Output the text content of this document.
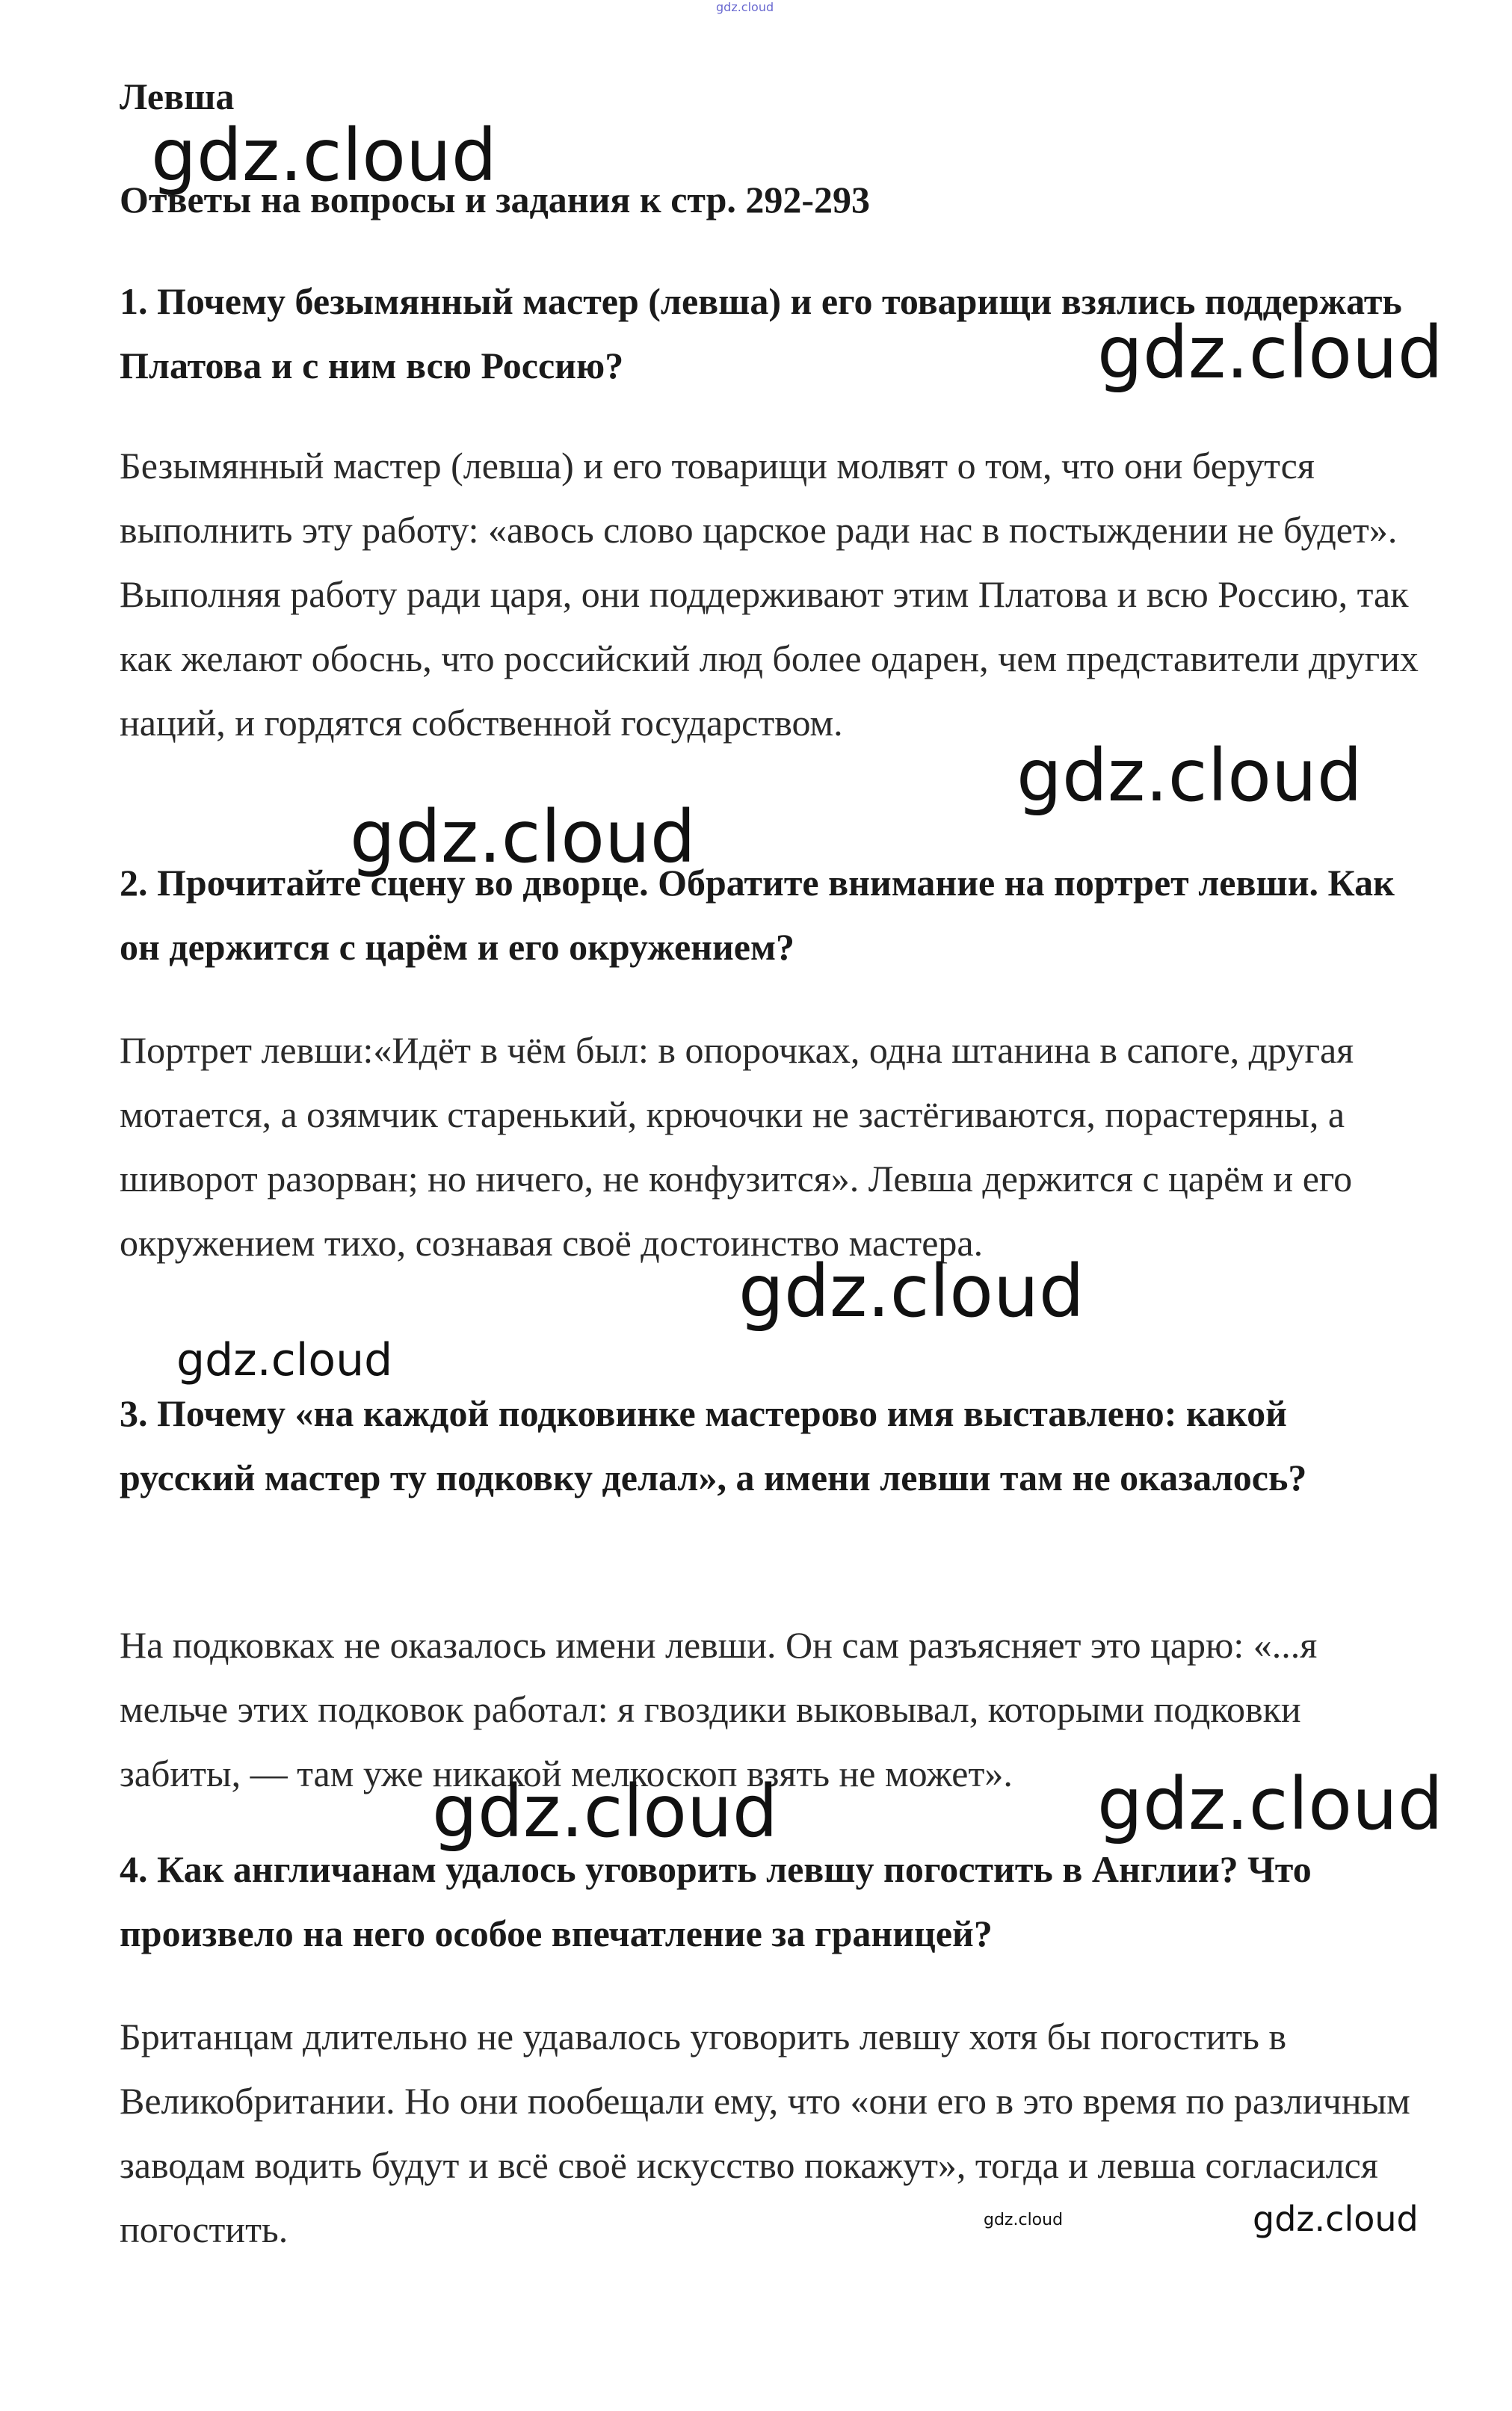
gdz.cloud
Левша
Ответы на вопросы и задания к стр. 292-293

1. Почему безымянный мастер (левша) и его товарищи взялись поддержать Платова и с ним всю Россию?

Безымянный мастер (левша) и его товарищи молвят о том, что они берутся выполнить эту работу: «авось слово царское ради нас в постыждении не будет». Выполняя работу ради царя, они поддерживают этим Платова и всю Россию, так как желают обоснь, что российский люд более одарен, чем представители других наций, и гордятся собственной государством.

2. Прочитайте сцену во дворце. Обратите внимание на портрет левши. Как он держится с царём и его окружением?

Портрет левши:«Идёт в чём был: в опорочках, одна штанина в сапоге, другая мотается, а озямчик старенький, крючочки не застёгиваются, порастеряны, а шиворот разорван; но ничего, не конфузится». Левша держится с царём и его окружением тихо, сознавая своё достоинство мастера.

3. Почему «на каждой подковинке мастерово имя выставлено: какой русский мастер ту подковку делал», а имени левши там не оказалось?

На подковках не оказалось имени левши. Он сам разъясняет это царю: «...я мельче этих подковок работал: я гвоздики выковывал, которыми подковки забиты, — там уже никакой мелкоскоп взять не может».

4. Как англичанам удалось уговорить левшу погостить в Англии? Что произвело на него особое впечатление за границей?

Британцам длительно не удавалось уговорить левшу хотя бы погостить в Великобритании. Но они пообещали ему, что «они его в это время по различным заводам водить будут и всё своё искусство покажут», тогда и левша согласился погостить.

gdz.cloud
gdz.cloud
gdz.cloud
gdz.cloud
gdz.cloud
gdz.cloud
gdz.cloud	gdz.cloud
gdz.cloud	gdz.cloud
